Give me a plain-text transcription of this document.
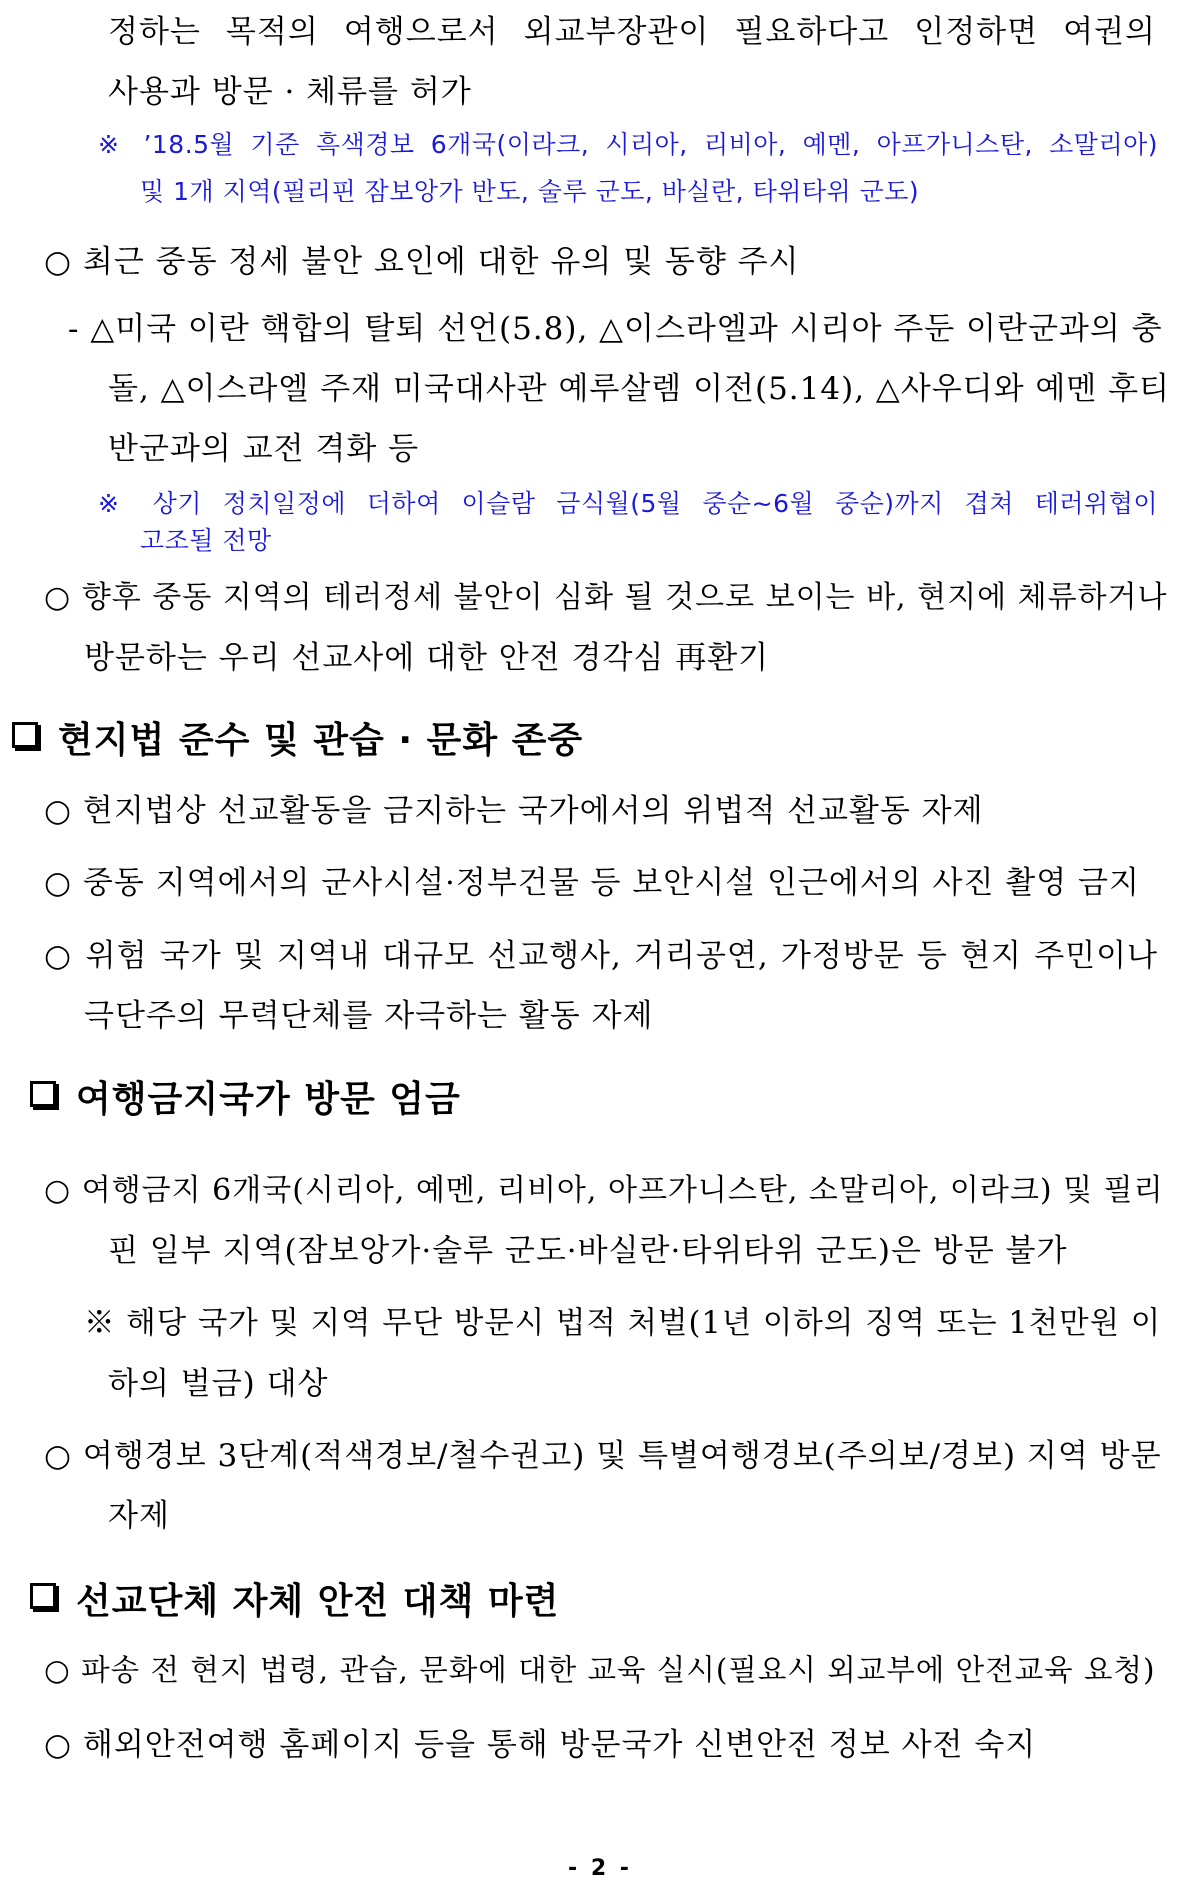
정하는 목적의 여행으로서 외교부장관이 필요하다고 인정하면 여권의
사용과 방문 · 체류를 허가
※ ’18.5월 기준 흑색경보 6개국(이라크, 시리아, 리비아, 예멘, 아프가니스탄, 소말리아)
및 1개 지역(필리핀 잠보앙가 반도, 술루 군도, 바실란, 타위타위 군도)
○ 최근 중동 정세 불안 요인에 대한 유의 및 동향 주시
- △미국 이란 핵합의 탈퇴 선언(5.8), △이스라엘과 시리아 주둔 이란군과의 충
돌, △이스라엘 주재 미국대사관 예루살렘 이전(5.14), △사우디와 예멘 후티
반군과의 교전 격화 등
※ 상기 정치일정에 더하여 이슬람 금식월(5월 중순∼6월 중순)까지 겹쳐 테러위협이
고조될 전망
○ 향후 중동 지역의 테러정세 불안이 심화 될 것으로 보이는 바, 현지에 체류하거나
방문하는 우리 선교사에 대한 안전 경각심 再환기
현지법 준수 및 관습 · 문화 존중
○ 현지법상 선교활동을 금지하는 국가에서의 위법적 선교활동 자제
○ 중동 지역에서의 군사시설·정부건물 등 보안시설 인근에서의 사진 촬영 금지
○ 위험 국가 및 지역내 대규모 선교행사, 거리공연, 가정방문 등 현지 주민이나
극단주의 무력단체를 자극하는 활동 자제
여행금지국가 방문 엄금
○ 여행금지 6개국(시리아, 예멘, 리비아, 아프가니스탄, 소말리아, 이라크) 및 필리
핀 일부 지역(잠보앙가·술루 군도·바실란·타위타위 군도)은 방문 불가
※ 해당 국가 및 지역 무단 방문시 법적 처벌(1년 이하의 징역 또는 1천만원 이
하의 벌금) 대상
○ 여행경보 3단계(적색경보/철수권고) 및 특별여행경보(주의보/경보) 지역 방문
자제
선교단체 자체 안전 대책 마련
○ 파송 전 현지 법령, 관습, 문화에 대한 교육 실시(필요시 외교부에 안전교육 요청)
○ 해외안전여행 홈페이지 등을 통해 방문국가 신변안전 정보 사전 숙지
- 2 -
